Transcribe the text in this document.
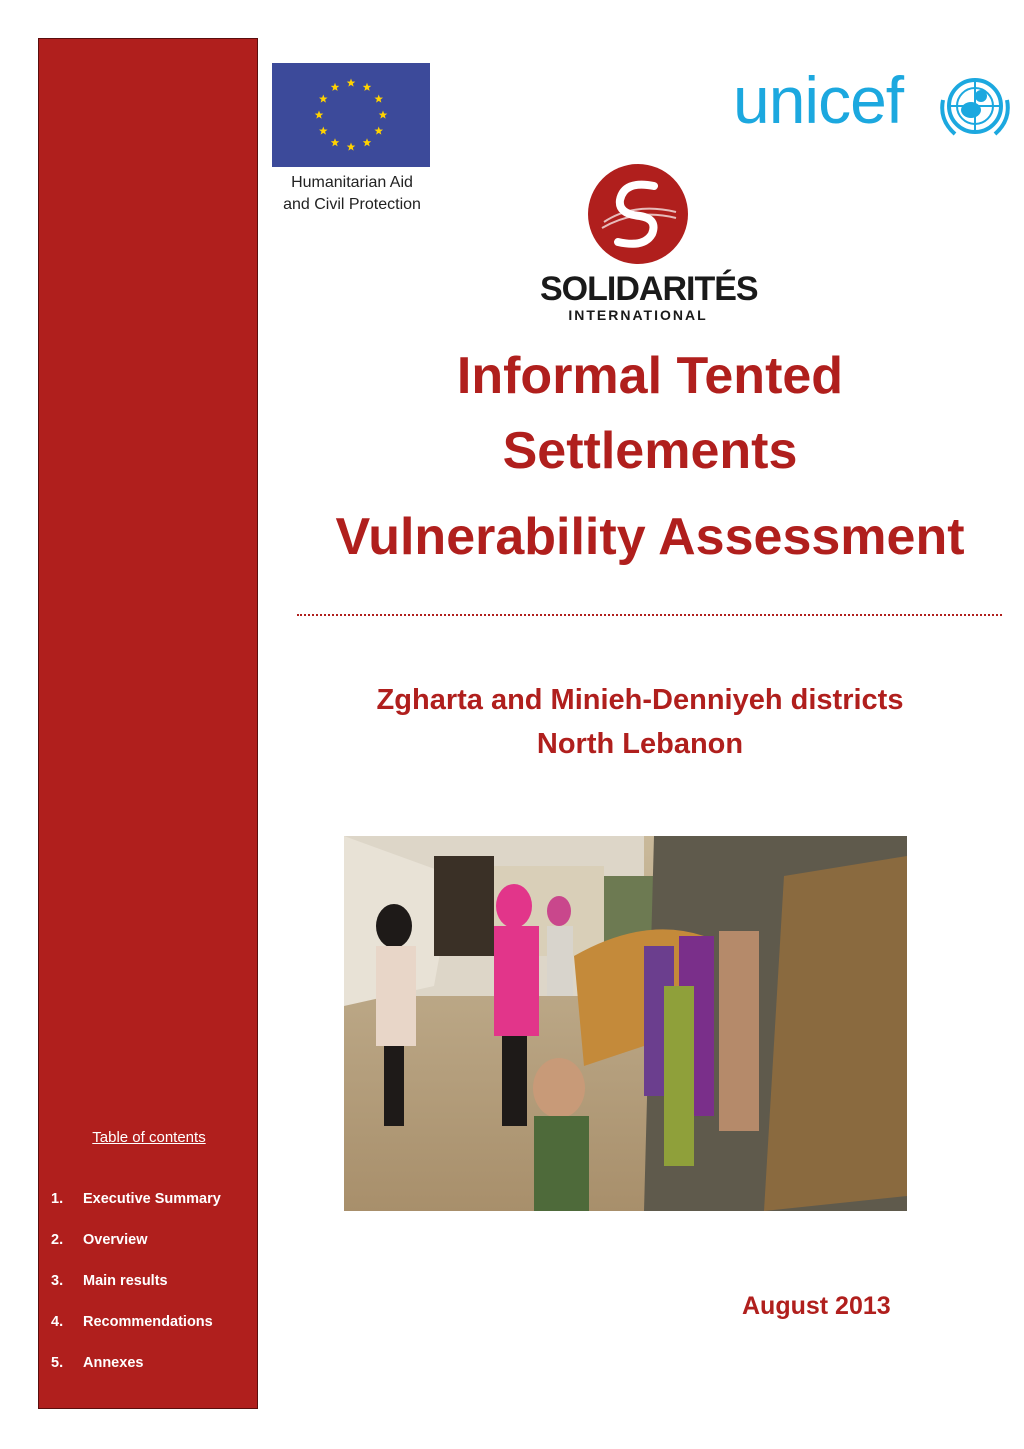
Table of contents
1.	Executive Summary
2.	Overview
3.	Main results
4.	Recommendations
5.	Annexes
Humanitarian Aid
and Civil Protection
unicef
SOLIDARITÉS
INTERNATIONAL
Informal Tented
Settlements
Vulnerability Assessment
Zgharta and Minieh-Denniyeh districts
North Lebanon
August 2013
